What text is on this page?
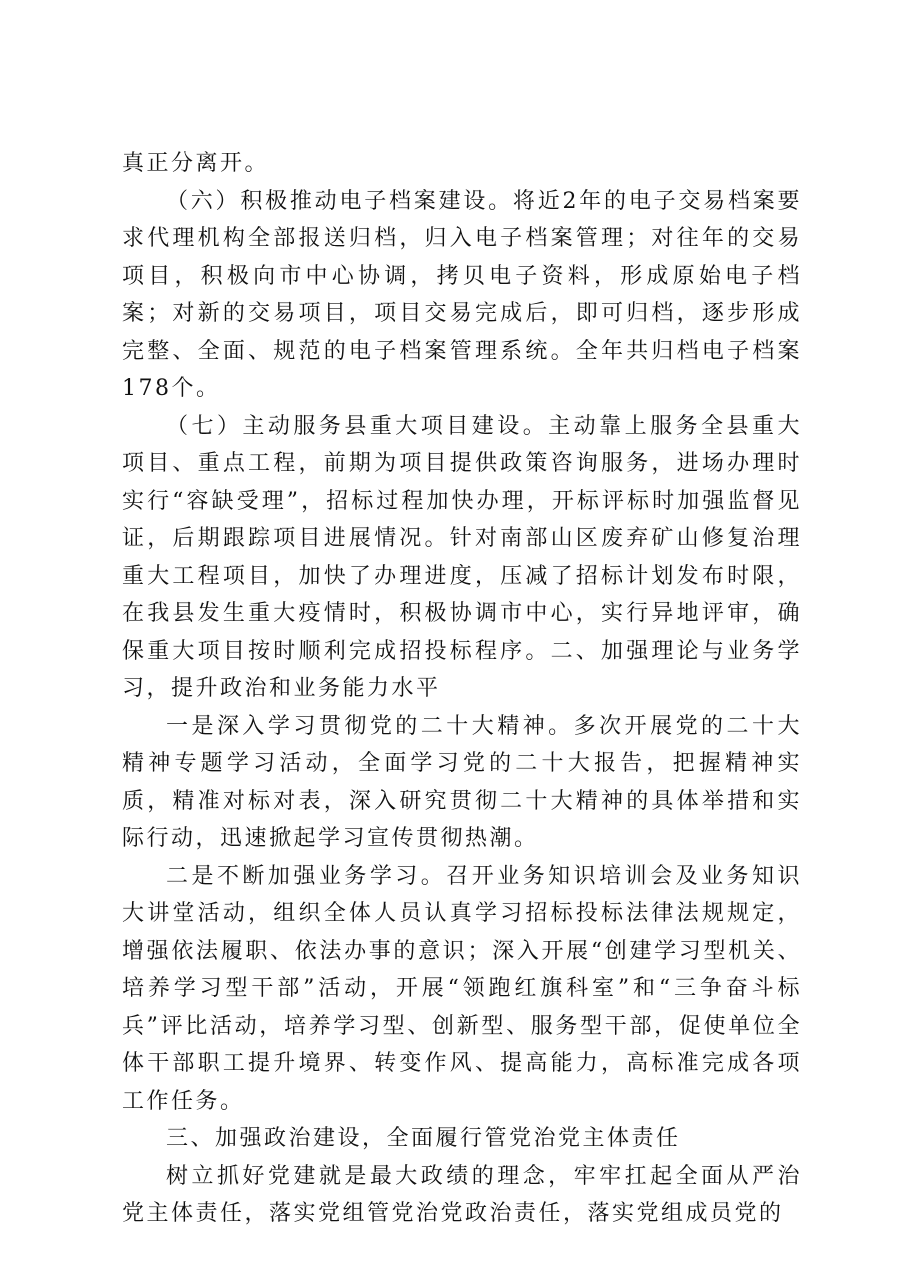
真正分离开。

（六）积极推动电子档案建设。将近2年的电子交易档案要求代理机构全部报送归档，归入电子档案管理；对往年的交易项目，积极向市中心协调，拷贝电子资料，形成原始电子档案；对新的交易项目，项目交易完成后，即可归档，逐步形成完整、全面、规范的电子档案管理系统。全年共归档电子档案178个。

（七）主动服务县重大项目建设。主动靠上服务全县重大项目、重点工程，前期为项目提供政策咨询服务，进场办理时实行“容缺受理”，招标过程加快办理，开标评标时加强监督见证，后期跟踪项目进展情况。针对南部山区废弃矿山修复治理重大工程项目，加快了办理进度，压减了招标计划发布时限，在我县发生重大疫情时，积极协调市中心，实行异地评审，确保重大项目按时顺利完成招投标程序。二、加强理论与业务学习，提升政治和业务能力水平

一是深入学习贯彻党的二十大精神。多次开展党的二十大精神专题学习活动，全面学习党的二十大报告，把握精神实质，精准对标对表，深入研究贯彻二十大精神的具体举措和实际行动，迅速掀起学习宣传贯彻热潮。

二是不断加强业务学习。召开业务知识培训会及业务知识大讲堂活动，组织全体人员认真学习招标投标法律法规规定，增强依法履职、依法办事的意识；深入开展“创建学习型机关、培养学习型干部”活动，开展“领跑红旗科室”和“三争奋斗标兵”评比活动，培养学习型、创新型、服务型干部，促使单位全体干部职工提升境界、转变作风、提高能力，高标准完成各项工作任务。

三、加强政治建设，全面履行管党治党主体责任

树立抓好党建就是最大政绩的理念，牢牢扛起全面从严治党主体责任，落实党组管党治党政治责任，落实党组成员党的
